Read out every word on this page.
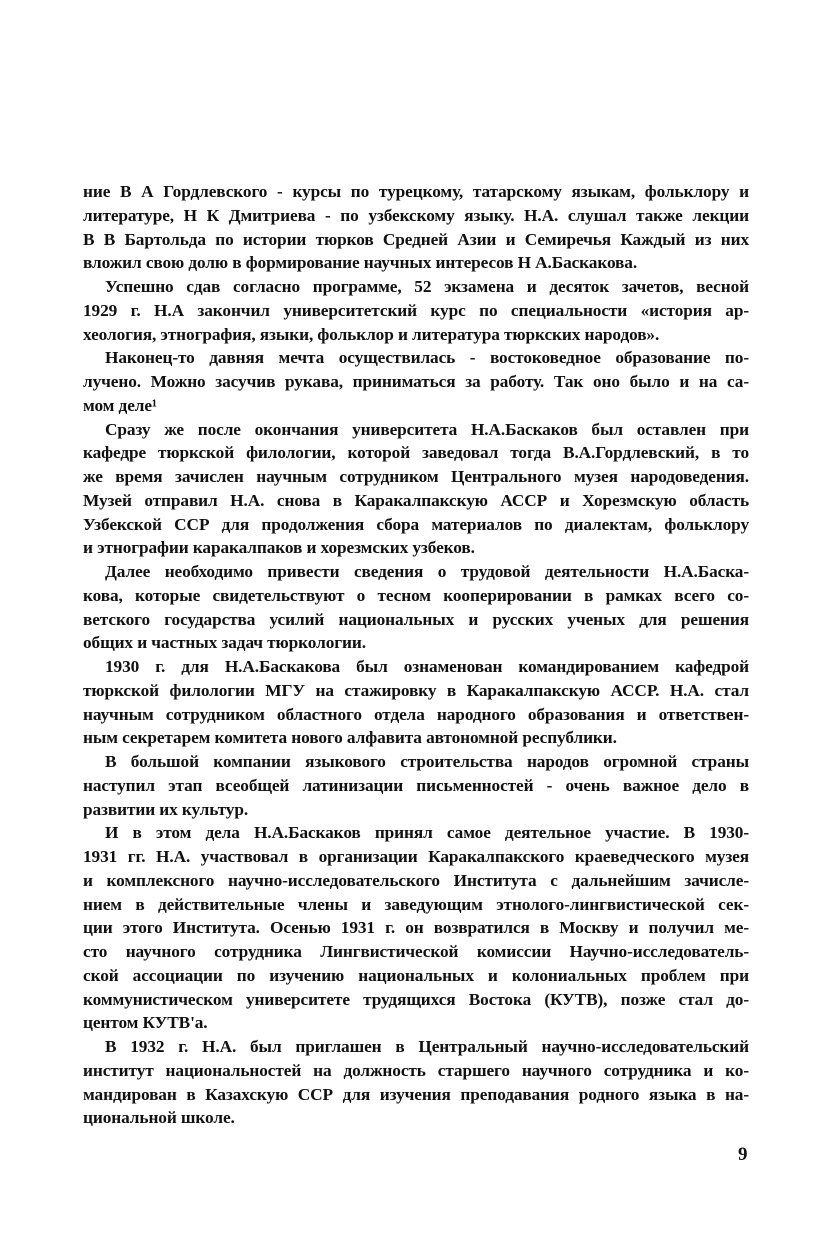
ние В А Гордлевского - курсы по турецкому, татарскому языкам, фольклору и
литературе, Н К Дмитриева - по узбекскому языку. Н.А. слушал также лекции
В В Бартольда по истории тюрков Средней Азии и Семиречья Каждый из них
вложил свою долю в формирование научных интересов Н А.Баскакова.
Успешно сдав согласно программе, 52 экзамена и десяток зачетов, весной
1929 г. Н.А закончил университетский курс по специальности «история ар-
хеология, этнография, языки, фольклор и литература тюркских народов».
Наконец-то давняя мечта осуществилась - востоковедное образование по-
лучено. Можно засучив рукава, приниматься за работу. Так оно было и на са-
мом деле¹
Сразу же после окончания университета Н.А.Баскаков был оставлен при
кафедре тюркской филологии, которой заведовал тогда В.А.Гордлевский, в то
же время зачислен научным сотрудником Центрального музея народоведения.
Музей отправил Н.А. снова в Каракалпакскую АССР и Хорезмскую область
Узбекской ССР для продолжения сбора материалов по диалектам, фольклору
и этнографии каракалпаков и хорезмских узбеков.
Далее необходимо привести сведения о трудовой деятельности Н.А.Баска-
кова, которые свидетельствуют о тесном кооперировании в рамках всего со-
ветского государства усилий национальных и русских ученых для решения
общих и частных задач тюркологии.
1930 г. для Н.А.Баскакова был ознаменован командированием кафедрой
тюркской филологии МГУ на стажировку в Каракалпакскую АССР. Н.А. стал
научным сотрудником областного отдела народного образования и ответствен-
ным секретарем комитета нового алфавита автономной республики.
В большой компании языкового строительства народов огромной страны
наступил этап всеобщей латинизации письменностей - очень важное дело в
развитии их культур.
И в этом дела Н.А.Баскаков принял самое деятельное участие. В 1930-
1931 гг. Н.А. участвовал в организации Каракалпакского краеведческого музея
и комплексного научно-исследовательского Института с дальнейшим зачисле-
нием в действительные члены и заведующим этнолого-лингвистической сек-
ции этого Института. Осенью 1931 г. он возвратился в Москву и получил ме-
сто научного сотрудника Лингвистической комиссии Научно-исследователь-
ской ассоциации по изучению национальных и колониальных проблем при
коммунистическом университете трудящихся Востока (КУТВ), позже стал до-
центом КУТВ'а.
В 1932 г. Н.А. был приглашен в Центральный научно-исследовательский
институт национальностей на должность старшего научного сотрудника и ко-
мандирован в Казахскую ССР для изучения преподавания родного языка в на-
циональной школе.
9
